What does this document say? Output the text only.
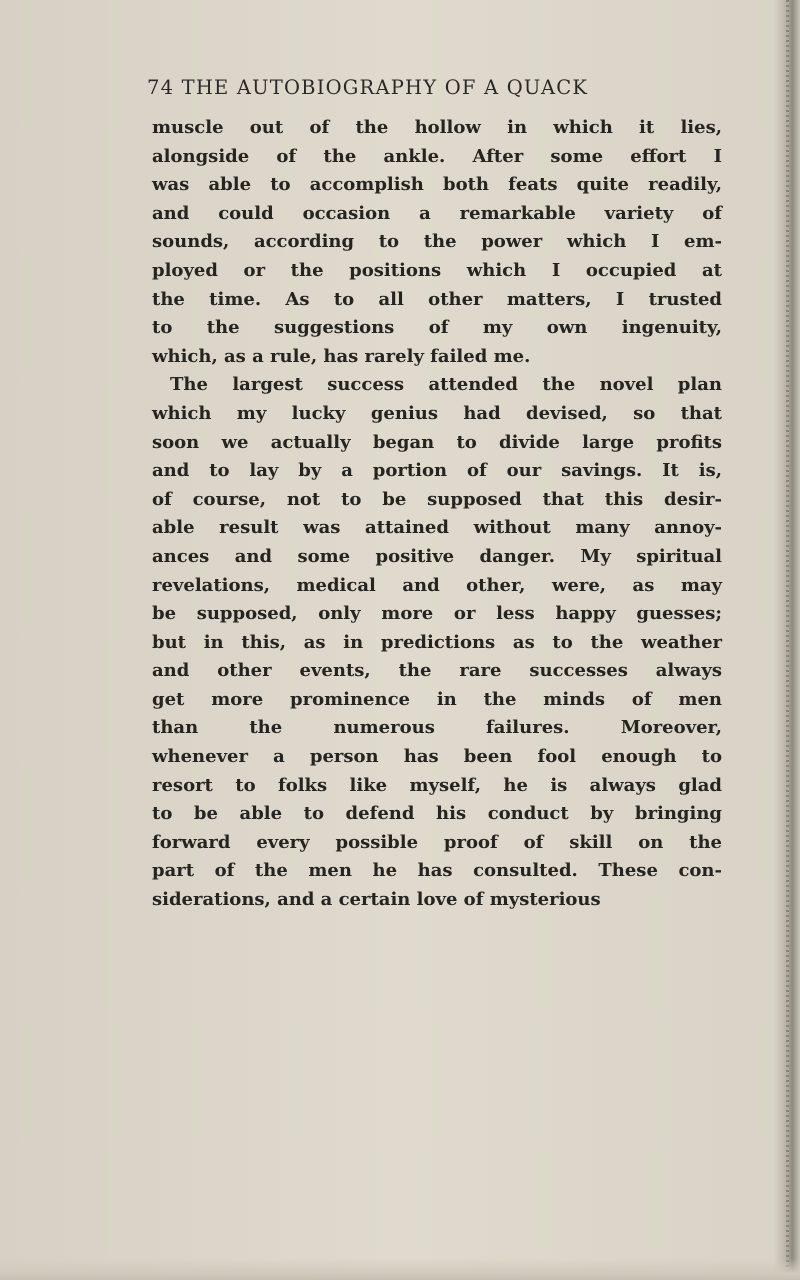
74 THE AUTOBIOGRAPHY OF A QUACK
muscle out of the hollow in which it lies,
alongside of the ankle. After some effort I
was able to accomplish both feats quite readily,
and could occasion a remarkable variety of
sounds, according to the power which I em-
ployed or the positions which I occupied at
the time. As to all other matters, I trusted
to the suggestions of my own ingenuity,
which, as a rule, has rarely failed me.
The largest success attended the novel plan
which my lucky genius had devised, so that
soon we actually began to divide large profits
and to lay by a portion of our savings. It is,
of course, not to be supposed that this desir-
able result was attained without many annoy-
ances and some positive danger. My spiritual
revelations, medical and other, were, as may
be supposed, only more or less happy guesses;
but in this, as in predictions as to the weather
and other events, the rare successes always
get more prominence in the minds of men
than the numerous failures. Moreover,
whenever a person has been fool enough to
resort to folks like myself, he is always glad
to be able to defend his conduct by bringing
forward every possible proof of skill on the
part of the men he has consulted. These con-
siderations, and a certain love of mysterious
